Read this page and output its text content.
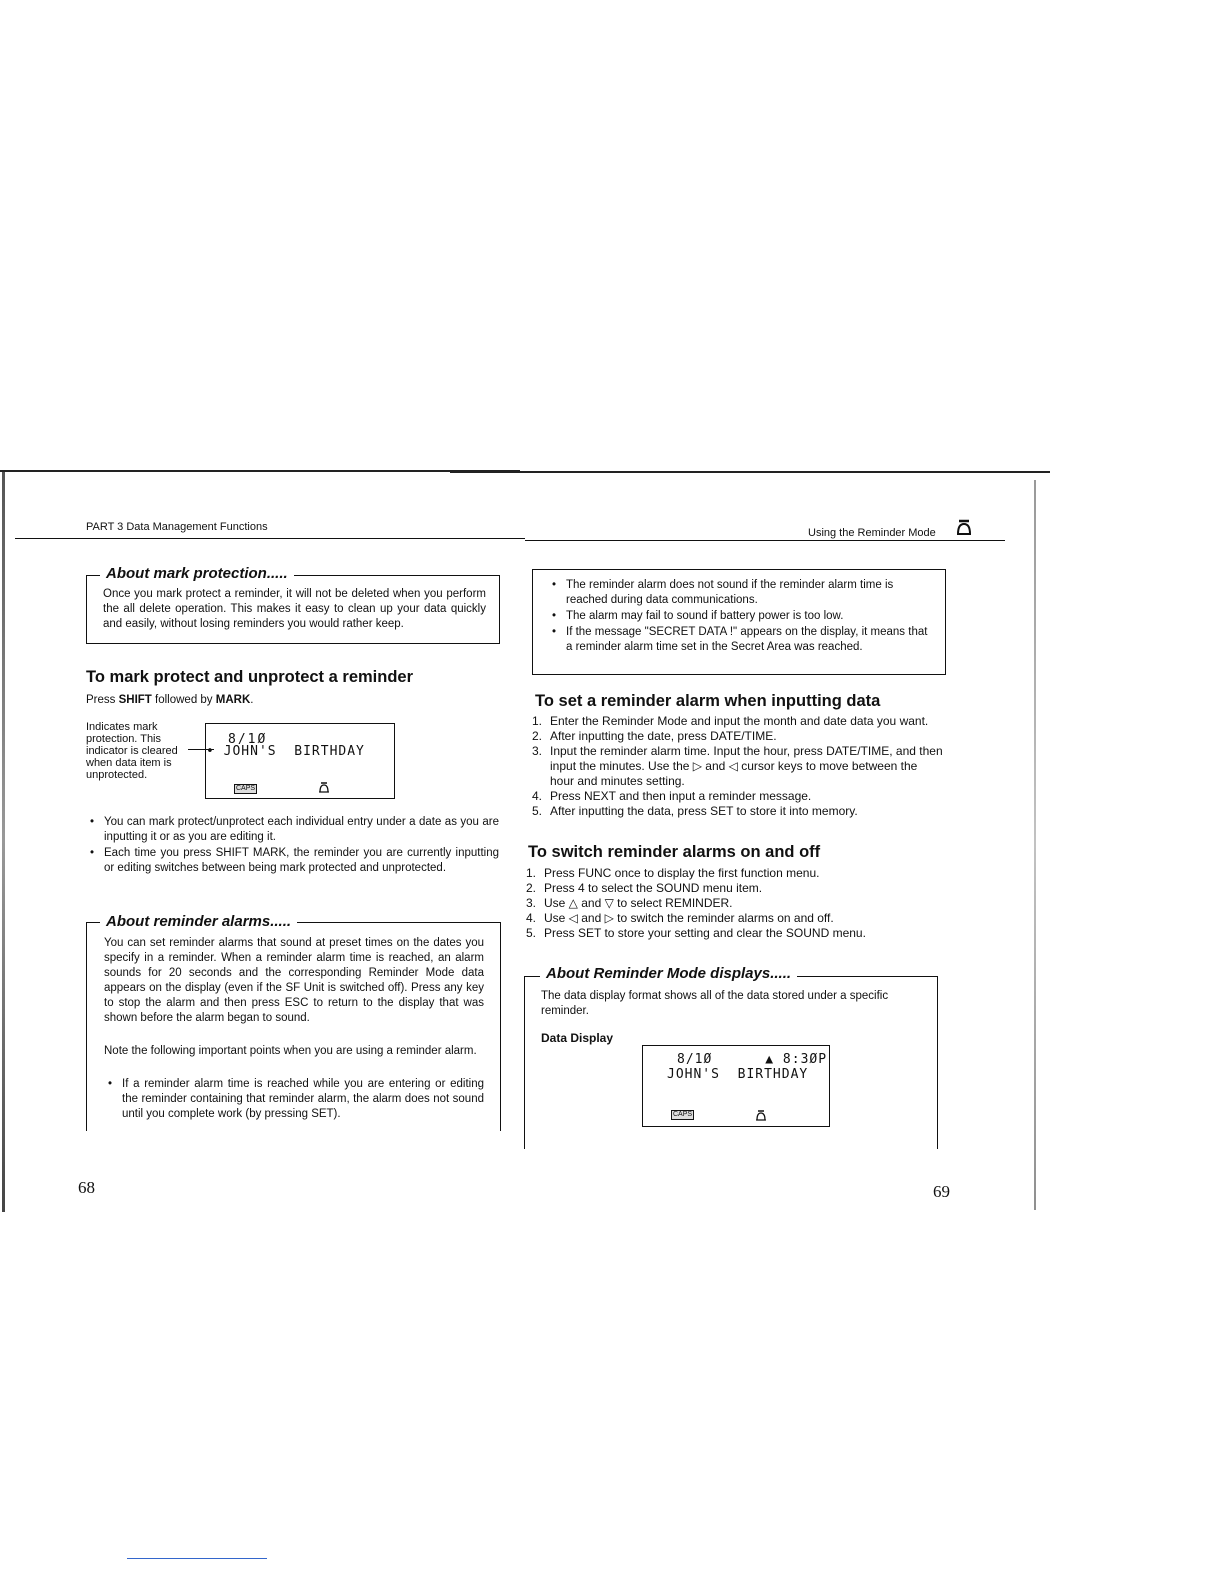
PART 3 Data Management Functions
About mark protection.....
Once you mark protect a reminder, it will not be deleted when you perform the all delete operation. This makes it easy to clean up your data quickly and easily, without losing reminders you would rather keep.
To mark protect and unprotect a reminder
Press SHIFT followed by MARK.
Indicates mark protection. This indicator is cleared when data item is unprotected.
8/1Ø
• JOHN'S  BIRTHDAY
CAPS
• You can mark protect/unprotect each individual entry under a date as you are inputting it or as you are editing it.
• Each time you press SHIFT MARK, the reminder you are currently inputting or editing switches between being mark protected and unprotected.
About reminder alarms.....
You can set reminder alarms that sound at preset times on the dates you specify in a reminder. When a reminder alarm time is reached, an alarm sounds for 20 seconds and the corresponding Reminder Mode data appears on the display (even if the SF Unit is switched off). Press any key to stop the alarm and then press ESC to return to the display that was shown before the alarm began to sound.
Note the following important points when you are using a reminder alarm.
• If a reminder alarm time is reached while you are entering or editing the reminder containing that reminder alarm, the alarm does not sound until you complete work (by pressing SET).
68
Using the Reminder Mode
• The reminder alarm does not sound if the reminder alarm time is reached during data communications.
• The alarm may fail to sound if battery power is too low.
• If the message "SECRET DATA !" appears on the display, it means that a reminder alarm time set in the Secret Area was reached.
To set a reminder alarm when inputting data
1. Enter the Reminder Mode and input the month and date data you want.
2. After inputting the date, press DATE/TIME.
3. Input the reminder alarm time. Input the hour, press DATE/TIME, and then input the minutes. Use the ▷ and ◁ cursor keys to move between the hour and minutes setting.
4. Press NEXT and then input a reminder message.
5. After inputting the data, press SET to store it into memory.
To switch reminder alarms on and off
1. Press FUNC once to display the first function menu.
2. Press 4 to select the SOUND menu item.
3. Use △ and ▽ to select REMINDER.
4. Use ◁ and ▷ to switch the reminder alarms on and off.
5. Press SET to store your setting and clear the SOUND menu.
About Reminder Mode displays.....
The data display format shows all of the data stored under a specific reminder.
Data Display
8/1Ø      ▲ 8:3ØP
JOHN'S  BIRTHDAY
CAPS
69
